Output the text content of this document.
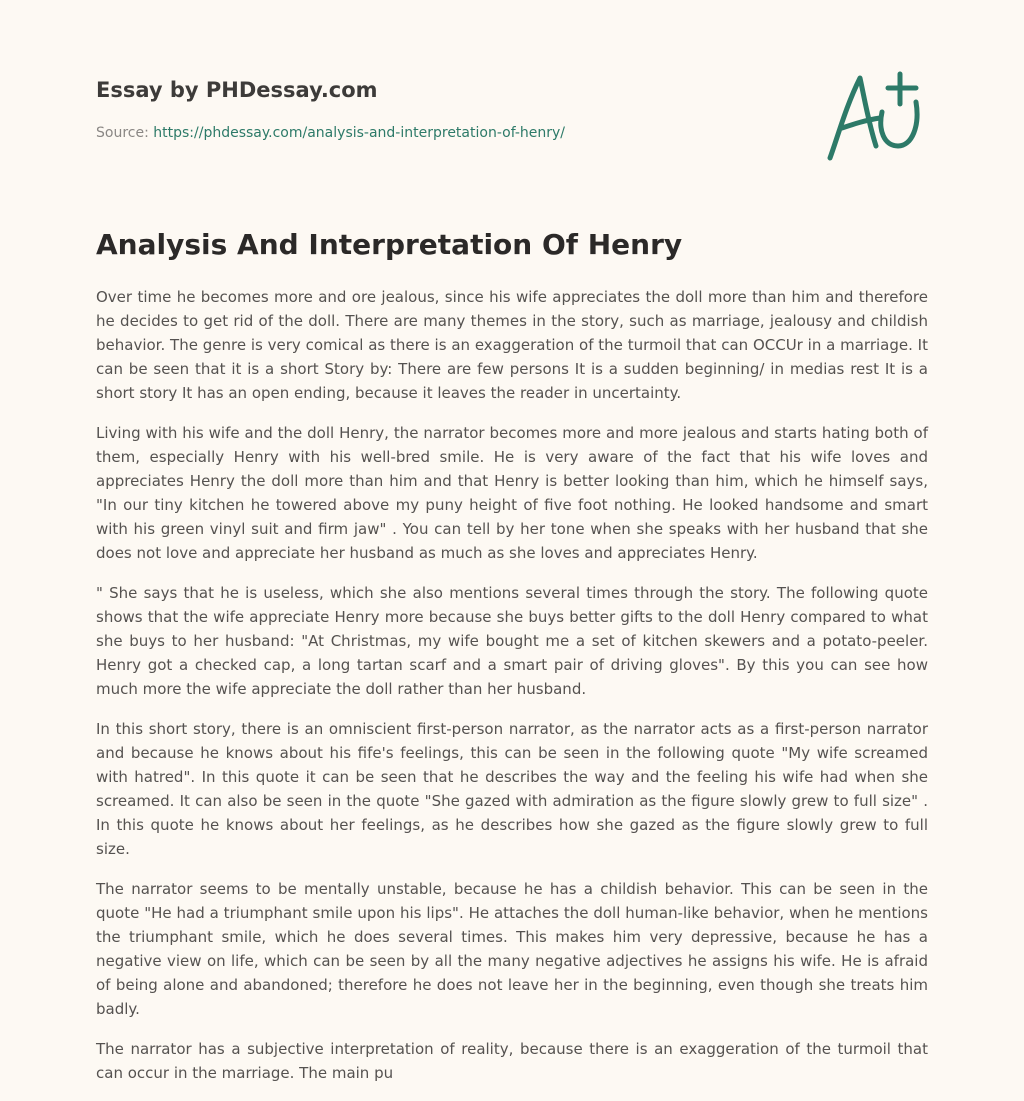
Essay by PHDessay.com
Source: https://phdessay.com/analysis-and-interpretation-of-henry/
Analysis And Interpretation Of Henry

Over time he becomes more and ore jealous, since his wife appreciates the doll more than him and therefore he decides to get rid of the doll. There are many themes in the story, such as marriage, jealousy and childish behavior. The genre is very comical as there is an exaggeration of the turmoil that can OCCUr in a marriage. It can be seen that it is a short Story by: There are few persons It is a sudden beginning/ in medias rest It is a short story It has an open ending, because it leaves the reader in uncertainty.

Living with his wife and the doll Henry, the narrator becomes more and more jealous and starts hating both of them, especially Henry with his well-bred smile. He is very aware of the fact that his wife loves and appreciates Henry the doll more than him and that Henry is better looking than him, which he himself says, "In our tiny kitchen he towered above my puny height of five foot nothing. He looked handsome and smart with his green vinyl suit and firm jaw" . You can tell by her tone when she speaks with her husband that she does not love and appreciate her husband as much as she loves and appreciates Henry.

" She says that he is useless, which she also mentions several times through the story. The following quote shows that the wife appreciate Henry more because she buys better gifts to the doll Henry compared to what she buys to her husband: "At Christmas, my wife bought me a set of kitchen skewers and a potato-peeler. Henry got a checked cap, a long tartan scarf and a smart pair of driving gloves". By this you can see how much more the wife appreciate the doll rather than her husband.

In this short story, there is an omniscient first-person narrator, as the narrator acts as a first-person narrator and because he knows about his fife's feelings, this can be seen in the following quote "My wife screamed with hatred". In this quote it can be seen that he describes the way and the feeling his wife had when she screamed. It can also be seen in the quote "She gazed with admiration as the figure slowly grew to full size" . In this quote he knows about her feelings, as he describes how she gazed as the figure slowly grew to full size.

The narrator seems to be mentally unstable, because he has a childish behavior. This can be seen in the quote "He had a triumphant smile upon his lips". He attaches the doll human-like behavior, when he mentions the triumphant smile, which he does several times. This makes him very depressive, because he has a negative view on life, which can be seen by all the many negative adjectives he assigns his wife. He is afraid of being alone and abandoned; therefore he does not leave her in the beginning, even though she treats him badly.

The narrator has a subjective interpretation of reality, because there is an exaggeration of the turmoil that can occur in the marriage. The main pu
